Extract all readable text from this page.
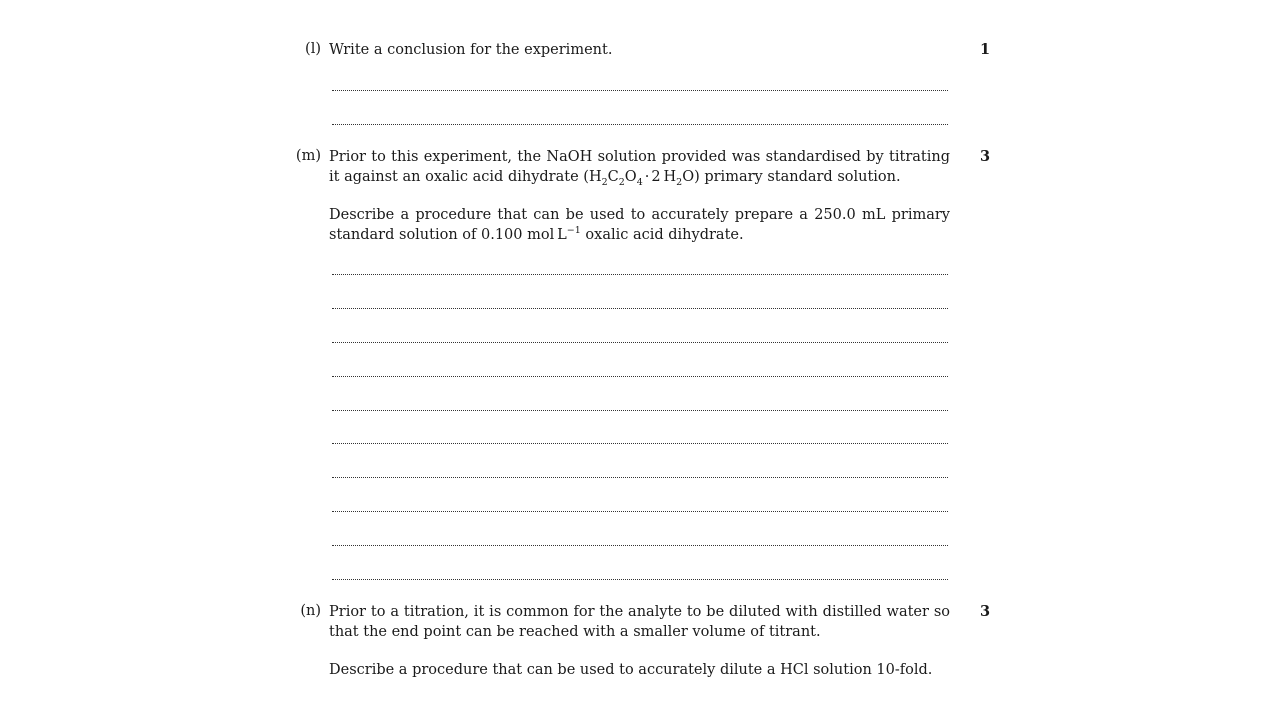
(l) Write a conclusion for the experiment.	1
(m) Prior to this experiment, the NaOH solution provided was standardised by titrating it against an oxalic acid dihydrate ($H_2C_2O_4 \cdot 2$  $H_2O$) primary standard solution.
3
Describe a procedure that can be used to accurately prepare a 250.0 mL primary standard solution of 0.100 mol  $L^{-1}$ oxalic acid dihydrate.
(n) Prior to a titration, it is common for the analyte to be diluted with distilled water so that the end point can be reached with a smaller volume of titrant.
3
Describe a procedure that can be used to accurately dilute a HCl solution 10-fold.
